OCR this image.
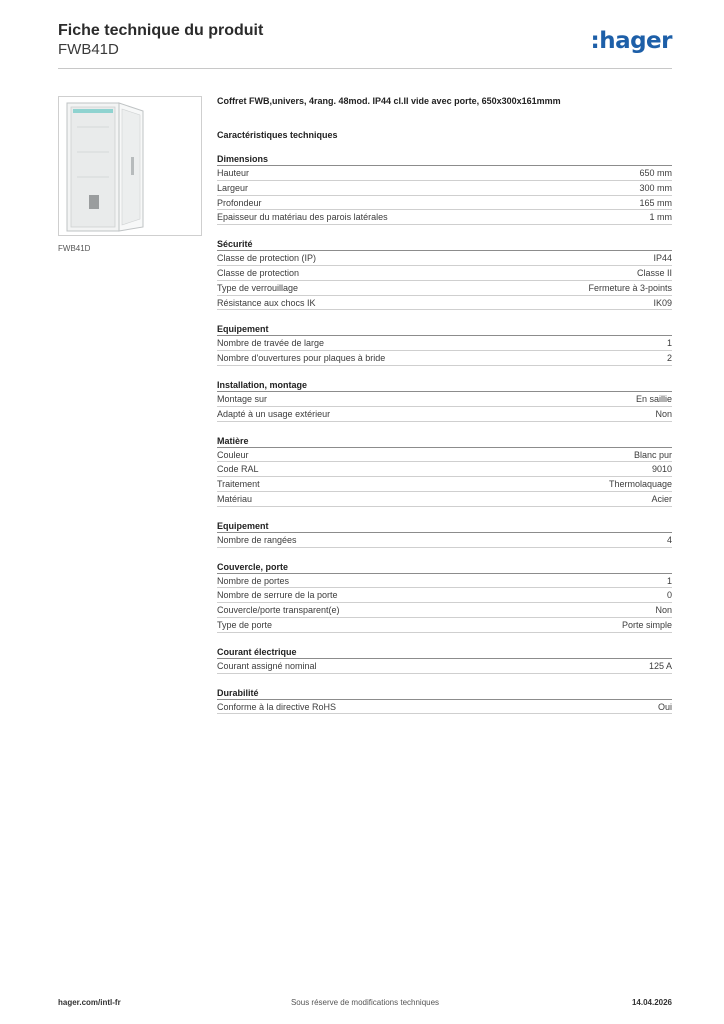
Fiche technique du produit
FWB41D	:hager
FWB41D
Coffret FWB,univers, 4rang. 48mod. IP44 cl.II vide avec porte, 650x300x161mmm
Caractéristiques techniques
Dimensions
Hauteur	650 mm
Largeur	300 mm
Profondeur	165 mm
Epaisseur du matériau des parois latérales	1 mm
Sécurité
Classe de protection (IP)	IP44
Classe de protection	Classe II
Type de verrouillage	Fermeture à 3-points
Résistance aux chocs IK	IK09
Equipement
Nombre de travée de large	1
Nombre d'ouvertures pour plaques à bride	2
Installation, montage
Montage sur	En saillie
Adapté à un usage extérieur	Non
Matière
Couleur	Blanc pur
Code RAL	9010
Traitement	Thermolaquage
Matériau	Acier
Equipement
Nombre de rangées	4
Couvercle, porte
Nombre de portes	1
Nombre de serrure de la porte	0
Couvercle/porte transparent(e)	Non
Type de porte	Porte simple
Courant électrique
Courant assigné nominal	125 A
Durabilité
Conforme à la directive RoHS	Oui
Sous réserve de modifications techniques
hager.com/intl-fr	14.04.2026
